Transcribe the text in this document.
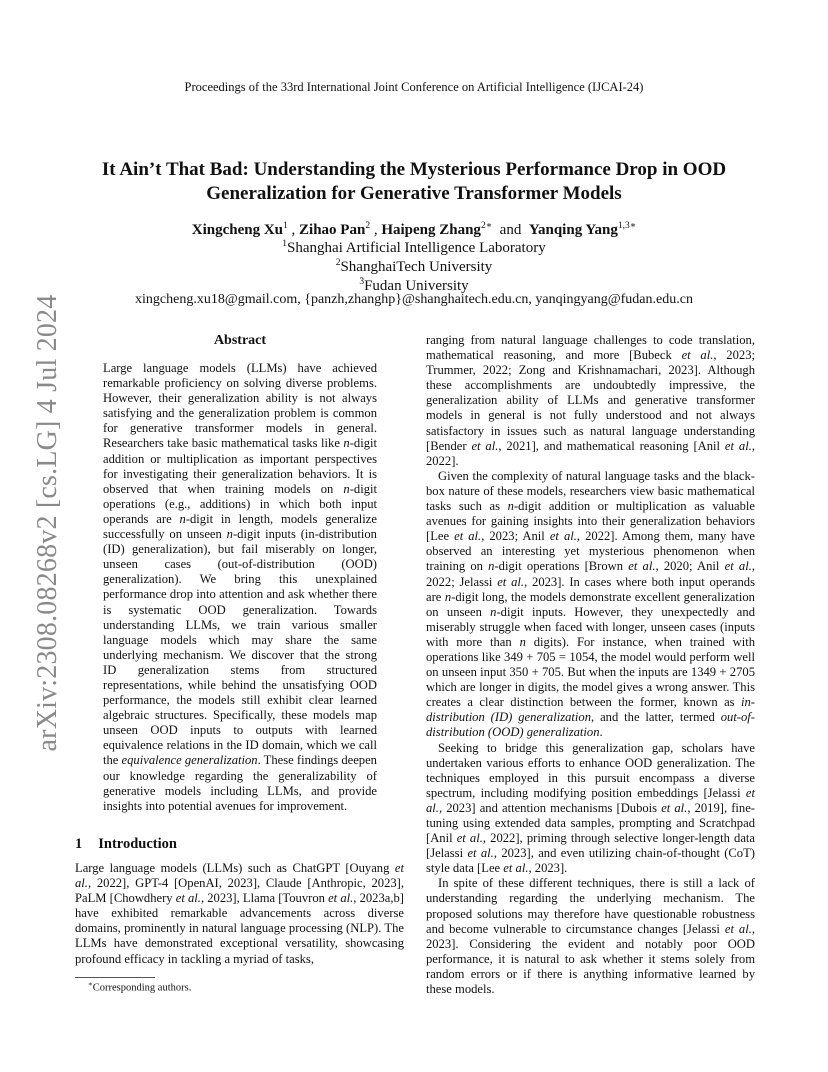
Proceedings of the 33rd International Joint Conference on Artificial Intelligence (IJCAI-24)
It Ain’t That Bad: Understanding the Mysterious Performance Drop in OOD
Generalization for Generative Transformer Models
Xingcheng Xu$^1$ , Zihao Pan$^2$ , Haipeng Zhang$^{2∗}$ and Yanqing Yang$^{1,3∗}$
$^1$Shanghai Artificial Intelligence Laboratory
$^2$ShanghaiTech University
$^3$Fudan University
xingcheng.xu18@gmail.com, {panzh,zhanghp}@shanghaitech.edu.cn, yanqingyang@fudan.edu.cn
arXiv:2308.08268v2 [cs.LG] 4 Jul 2024	Abstract

Large language models (LLMs) have achieved remarkable proficiency on solving diverse problems. However, their generalization ability is not always satisfying and the generalization problem is common for generative transformer models in general. Researchers take basic mathematical tasks like n-digit addition or multiplication as important perspectives for investigating their generalization behaviors. It is observed that when training models on n-digit operations (e.g., additions) in which both input operands are n-digit in length, models generalize successfully on unseen n-digit inputs (in-distribution (ID) generalization), but fail miserably on longer, unseen cases (out-of-distribution (OOD) generalization). We bring this unexplained performance drop into attention and ask whether there is systematic OOD generalization. Towards understanding LLMs, we train various smaller language models which may share the same underlying mechanism. We discover that the strong ID generalization stems from structured representations, while behind the unsatisfying OOD performance, the models still exhibit clear learned algebraic structures. Specifically, these models map unseen OOD inputs to outputs with learned equivalence relations in the ID domain, which we call the equivalence generalization. These findings deepen our knowledge regarding the generalizability of generative models including LLMs, and provide insights into potential avenues for improvement.

1 Introduction

Large language models (LLMs) such as ChatGPT [Ouyang et al., 2022], GPT-4 [OpenAI, 2023], Claude [Anthropic, 2023], PaLM [Chowdhery et al., 2023], Llama [Touvron et al., 2023a,b] have exhibited remarkable advancements across diverse domains, prominently in natural language processing (NLP). The LLMs have demonstrated exceptional versatility, showcasing profound efficacy in tackling a myriad of tasks,

∗Corresponding authors.

ranging from natural language challenges to code translation, mathematical reasoning, and more [Bubeck et al., 2023; Trummer, 2022; Zong and Krishnamachari, 2023]. Although these accomplishments are undoubtedly impressive, the generalization ability of LLMs and generative transformer models in general is not fully understood and not always satisfactory in issues such as natural language understanding [Bender et al., 2021], and mathematical reasoning [Anil et al., 2022].

Given the complexity of natural language tasks and the black-box nature of these models, researchers view basic mathematical tasks such as n-digit addition or multiplication as valuable avenues for gaining insights into their generalization behaviors [Lee et al., 2023; Anil et al., 2022]. Among them, many have observed an interesting yet mysterious phenomenon when training on n-digit operations [Brown et al., 2020; Anil et al., 2022; Jelassi et al., 2023]. In cases where both input operands are n-digit long, the models demonstrate excellent generalization on unseen n-digit inputs. However, they unexpectedly and miserably struggle when faced with longer, unseen cases (inputs with more than n digits). For instance, when trained with operations like 349 + 705 = 1054, the model would perform well on unseen input 350 + 705. But when the inputs are 1349 + 2705 which are longer in digits, the model gives a wrong answer. This creates a clear distinction between the former, known as in-distribution (ID) generalization, and the latter, termed out-of-distribution (OOD) generalization.

Seeking to bridge this generalization gap, scholars have undertaken various efforts to enhance OOD generalization. The techniques employed in this pursuit encompass a diverse spectrum, including modifying position embeddings [Jelassi et al., 2023] and attention mechanisms [Dubois et al., 2019], fine-tuning using extended data samples, prompting and Scratchpad [Anil et al., 2022], priming through selective longer-length data [Jelassi et al., 2023], and even utilizing chain-of-thought (CoT) style data [Lee et al., 2023].

In spite of these different techniques, there is still a lack of understanding regarding the underlying mechanism. The proposed solutions may therefore have questionable robustness and become vulnerable to circumstance changes [Jelassi et al., 2023]. Considering the evident and notably poor OOD performance, it is natural to ask whether it stems solely from random errors or if there is anything informative learned by these models.
